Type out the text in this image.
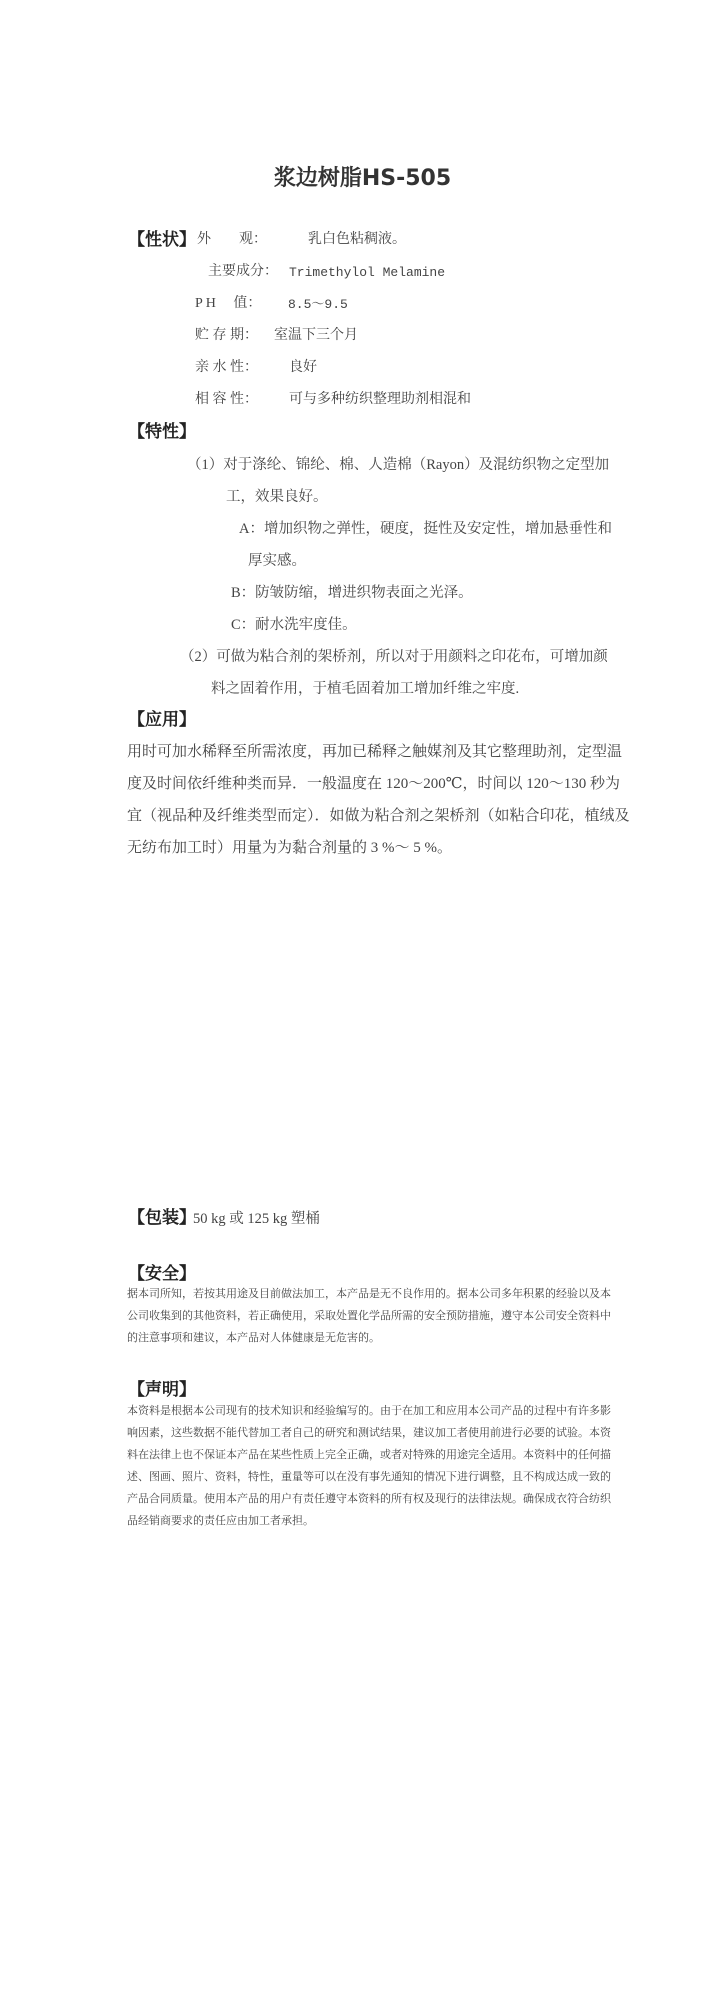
浆边树脂HS-505
【性状】 外　　观：	乳白色粘稠液。
主要成分： Trimethylol Melamine
P H　 值： 8.5～9.5
贮 存 期： 室温下三个月
亲 水 性： 良好
相 容 性： 可与多种纺织整理助剂相混和
【特性】
（1）对于涤纶、锦纶、棉、人造棉（Rayon）及混纺织物之定型加
工，效果良好。
A：增加织物之弹性，硬度，挺性及安定性，增加悬垂性和
厚实感。
B：防皱防缩，增进织物表面之光泽。
C：耐水洗牢度佳。
（2）可做为粘合剂的架桥剂，所以对于用颜料之印花布，可增加颜
料之固着作用，于植毛固着加工增加纤维之牢度.
【应用】
用时可加水稀释至所需浓度，再加已稀释之触媒剂及其它整理助剂，定型温
度及时间依纤维种类而异．一般温度在 120～200℃，时间以 120～130 秒为
宜（视品种及纤维类型而定）．如做为粘合剂之架桥剂（如粘合印花，植绒及
无纺布加工时）用量为为黏合剂量的 3 %～ 5 %。
【包装】
50 kg 或 125 kg 塑桶
【安全】
据本司所知，若按其用途及目前做法加工，本产品是无不良作用的。据本公司多年积累的经验以及本
公司收集到的其他资料，若正确使用，采取处置化学品所需的安全预防措施，遵守本公司安全资料中
的注意事项和建议，本产品对人体健康是无危害的。
【声明】
本资料是根据本公司现有的技术知识和经验编写的。由于在加工和应用本公司产品的过程中有许多影
响因素，这些数据不能代替加工者自己的研究和测试结果，建议加工者使用前进行必要的试验。本资
料在法律上也不保证本产品在某些性质上完全正确，或者对特殊的用途完全适用。本资料中的任何描
述、图画、照片、资料，特性，重量等可以在没有事先通知的情况下进行调整，且不构成达成一致的
产品合同质量。使用本产品的用户有责任遵守本资料的所有权及现行的法律法规。确保成衣符合纺织
品经销商要求的责任应由加工者承担。
